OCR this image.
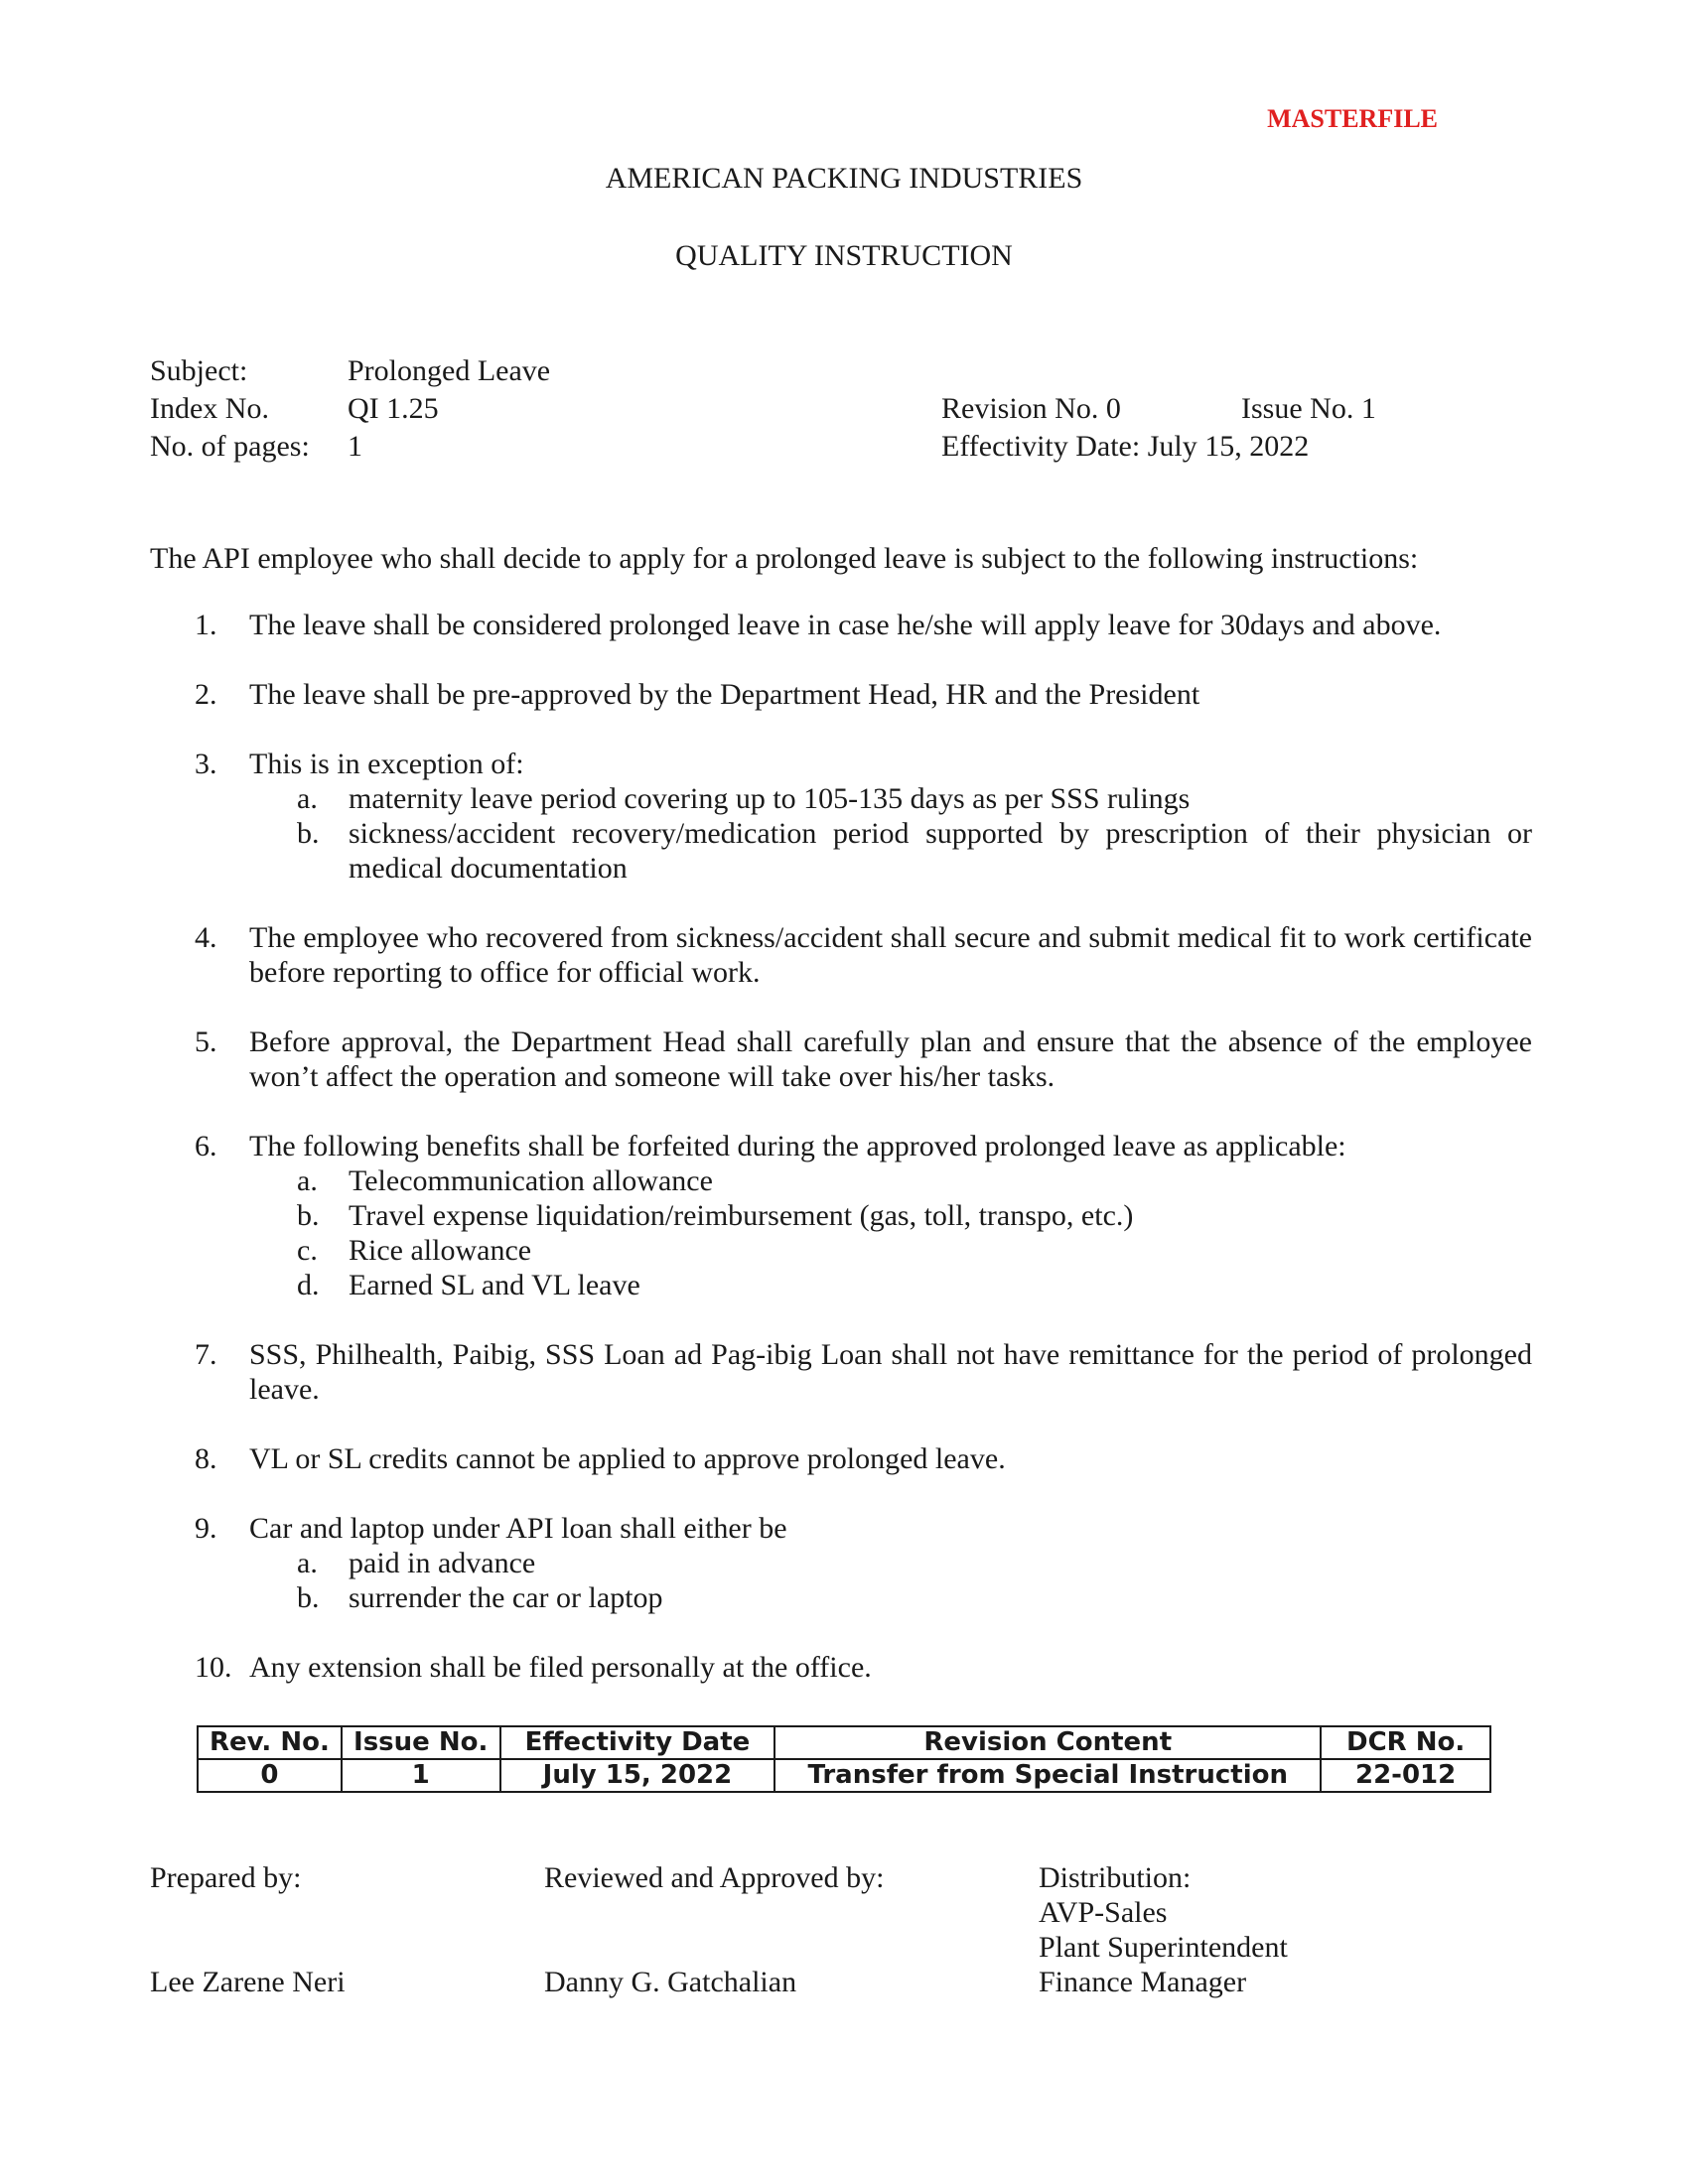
MASTERFILE
AMERICAN PACKING INDUSTRIES
QUALITY INSTRUCTION
Subject:	Prolonged Leave
Index No.	QI 1.25
No. of pages: 1
Revision No. 0	Issue No. 1
Effectivity Date: July 15, 2022
The API employee who shall decide to apply for a prolonged leave is subject to the following instructions:
1.	The leave shall be considered prolonged leave in case he/she will apply leave for 30days and above.
2.	The leave shall be pre-approved by the Department Head, HR and the President
3.	This is in exception of:
a. maternity leave period covering up to 105-135 days as per SSS rulings
b. sickness/accident recovery/medication period supported by prescription of their physician or medical documentation
4.	The employee who recovered from sickness/accident shall secure and submit medical fit to work certificate before reporting to office for official work.
5.	Before approval, the Department Head shall carefully plan and ensure that the absence of the employee won’t affect the operation and someone will take over his/her tasks.
6.	The following benefits shall be forfeited during the approved prolonged leave as applicable:
a. Telecommunication allowance
b. Travel expense liquidation/reimbursement (gas, toll, transpo, etc.)
c. Rice allowance
d. Earned SL and VL leave
7.	SSS, Philhealth, Paibig, SSS Loan ad Pag-ibig Loan shall not have remittance for the period of prolonged leave.
8.	VL or SL credits cannot be applied to approve prolonged leave.
9.	Car and laptop under API loan shall either be
a. paid in advance
b. surrender the car or laptop
10. Any extension shall be filed personally at the office.
Rev. No.	Issue No.	Effectivity Date	Revision Content	DCR No.
0	1	July 15, 2022	Transfer from Special Instruction	22-012
Prepared by:
Lee Zarene Neri
Reviewed and Approved by:
Danny G. Gatchalian
Distribution:
AVP-Sales
Plant Superintendent
Finance Manager
